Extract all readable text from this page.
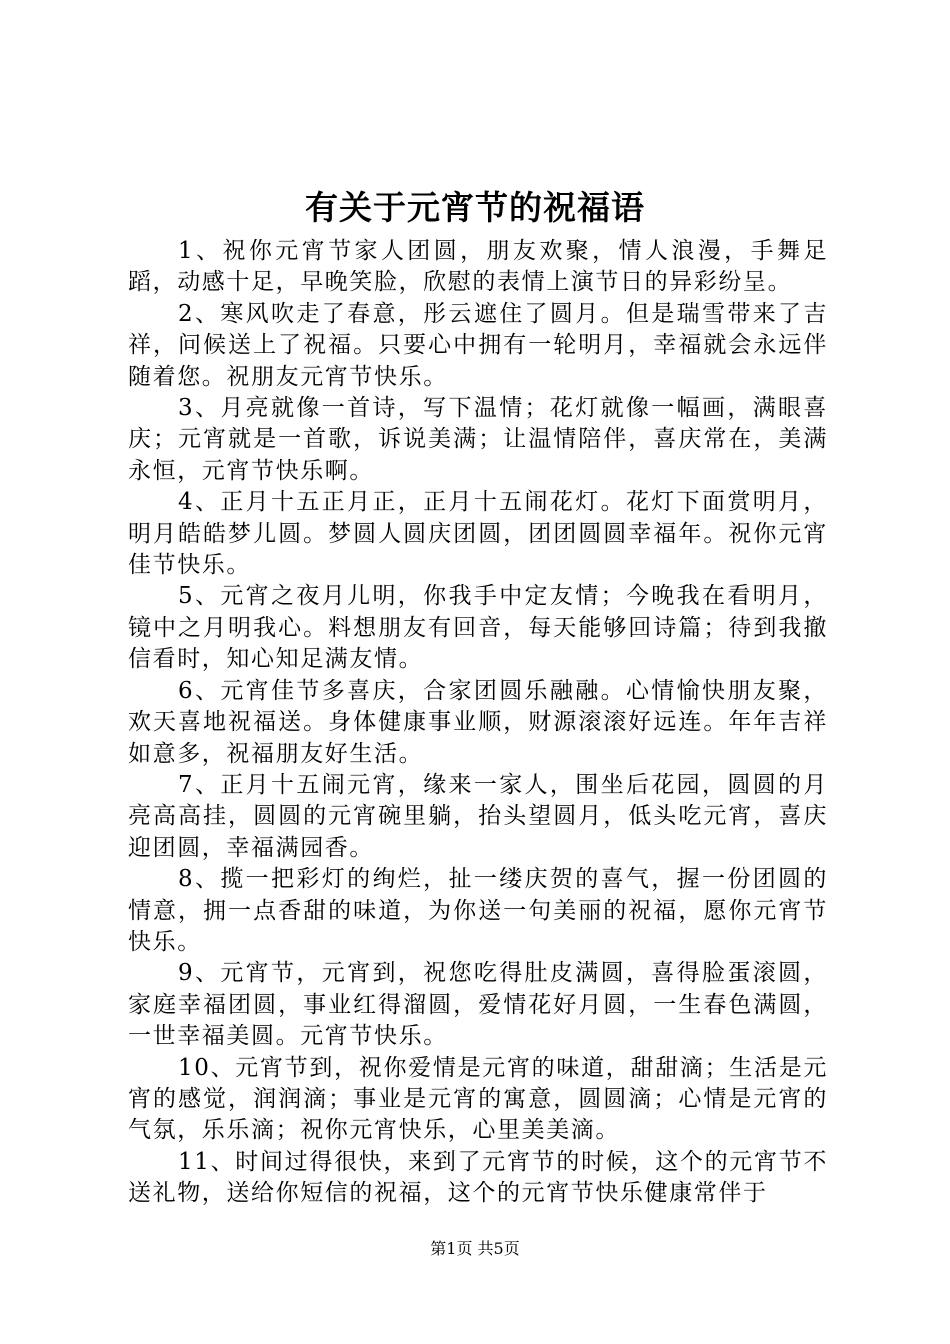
有关于元宵节的祝福语

1、祝你元宵节家人团圆，朋友欢聚，情人浪漫，手舞足蹈，动感十足，早晚笑脸，欣慰的表情上演节日的异彩纷呈。

2、寒风吹走了春意，彤云遮住了圆月。但是瑞雪带来了吉祥，问候送上了祝福。只要心中拥有一轮明月，幸福就会永远伴随着您。祝朋友元宵节快乐。

3、月亮就像一首诗，写下温情；花灯就像一幅画，满眼喜庆；元宵就是一首歌，诉说美满；让温情陪伴，喜庆常在，美满永恒，元宵节快乐啊。

4、正月十五正月正，正月十五闹花灯。花灯下面赏明月，明月皓皓梦儿圆。梦圆人圆庆团圆，团团圆圆幸福年。祝你元宵佳节快乐。

5、元宵之夜月儿明，你我手中定友情；今晚我在看明月，镜中之月明我心。料想朋友有回音，每天能够回诗篇；待到我撤信看时，知心知足满友情。

6、元宵佳节多喜庆，合家团圆乐融融。心情愉快朋友聚，欢天喜地祝福送。身体健康事业顺，财源滚滚好远连。年年吉祥如意多，祝福朋友好生活。

7、正月十五闹元宵，缘来一家人，围坐后花园，圆圆的月亮高高挂，圆圆的元宵碗里躺，抬头望圆月，低头吃元宵，喜庆迎团圆，幸福满园香。

8、揽一把彩灯的绚烂，扯一缕庆贺的喜气，握一份团圆的情意，拥一点香甜的味道，为你送一句美丽的祝福，愿你元宵节快乐。

9、元宵节，元宵到，祝您吃得肚皮满圆，喜得脸蛋滚圆，家庭幸福团圆，事业红得溜圆，爱情花好月圆，一生春色满圆，一世幸福美圆。元宵节快乐。

10、元宵节到，祝你爱情是元宵的味道，甜甜滴；生活是元宵的感觉，润润滴；事业是元宵的寓意，圆圆滴；心情是元宵的气氛，乐乐滴；祝你元宵快乐，心里美美滴。

11、时间过得很快，来到了元宵节的时候，这个的元宵节不送礼物，送给你短信的祝福，这个的元宵节快乐健康常伴于

第1页 共5页
